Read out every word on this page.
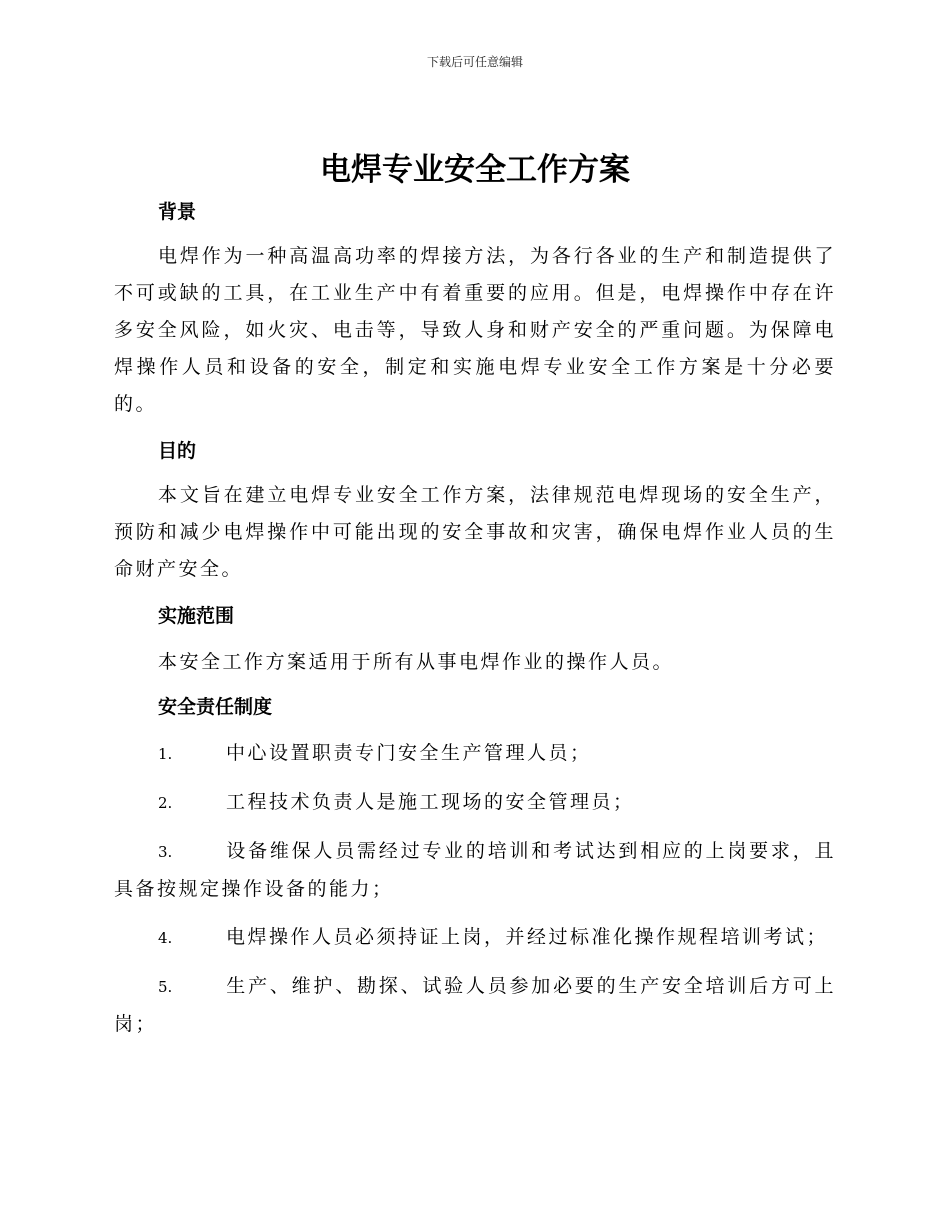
下载后可任意编辑
电焊专业安全工作方案
背景

电焊作为一种高温高功率的焊接方法，为各行各业的生产和制造提供了不可或缺的工具，在工业生产中有着重要的应用。但是，电焊操作中存在许多安全风险，如火灾、电击等，导致人身和财产安全的严重问题。为保障电焊操作人员和设备的安全，制定和实施电焊专业安全工作方案是十分必要的。

目的

本文旨在建立电焊专业安全工作方案，法律规范电焊现场的安全生产，预防和减少电焊操作中可能出现的安全事故和灾害，确保电焊作业人员的生命财产安全。

实施范围

本安全工作方案适用于所有从事电焊作业的操作人员。

安全责任制度

1.	中心设置职责专门安全生产管理人员；

2.	工程技术负责人是施工现场的安全管理员；

3.	设备维保人员需经过专业的培训和考试达到相应的上岗要求，且具备按规定操作设备的能力；

4.	电焊操作人员必须持证上岗，并经过标准化操作规程培训考试；

5.	生产、维护、勘探、试验人员参加必要的生产安全培训后方可上岗；
